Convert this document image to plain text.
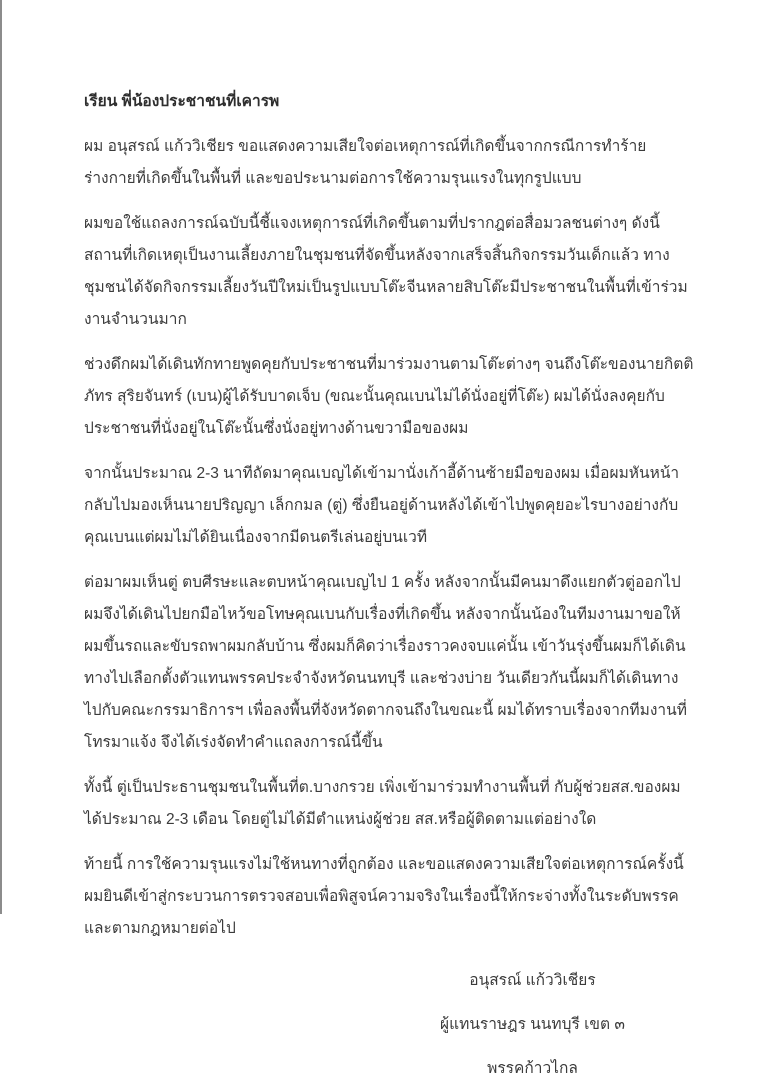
เรียน พี่น้องประชาชนที่เคารพ

ผม อนุสรณ์ แก้ววิเชียร ขอแสดงความเสียใจต่อเหตุการณ์ที่เกิดขึ้นจากกรณีการทำร้ายร่างกายที่เกิดขึ้นในพื้นที่ และขอประนามต่อการใช้ความรุนแรงในทุกรูปแบบ

ผมขอใช้แถลงการณ์ฉบับนี้ชี้แจงเหตุการณ์ที่เกิดขึ้นตามที่ปรากฎต่อสื่อมวลชนต่างๆ ดังนี้ สถานที่เกิดเหตุเป็นงานเลี้ยงภายในชุมชนที่จัดขึ้นหลังจากเสร็จสิ้นกิจกรรมวันเด็กแล้ว ทางชุมชนได้จัดกิจกรรมเลี้ยงวันปีใหม่เป็นรูปแบบโต๊ะจีนหลายสิบโต๊ะมีประชาชนในพื้นที่เข้าร่วมงานจำนวนมาก

ช่วงดึกผมได้เดินทักทายพูดคุยกับประชาชนที่มาร่วมงานตามโต๊ะต่างๆ จนถึงโต๊ะของนายกิตติภัทร สุริยจันทร์ (เบน)ผู้ได้รับบาดเจ็บ (ขณะนั้นคุณเบนไม่ได้นั่งอยู่ที่โต๊ะ) ผมได้นั่งลงคุยกับประชาชนที่นั่งอยู่ในโต๊ะนั้นซึ่งนั่งอยู่ทางด้านขวามือของผม

จากนั้นประมาณ 2-3 นาทีถัดมาคุณเบญได้เข้ามานั่งเก้าอี้ด้านซ้ายมือของผม เมื่อผมหันหน้ากลับไปมองเห็นนายปริญญา เล็กกมล (ตู่) ซึ่งยืนอยู่ด้านหลังได้เข้าไปพูดคุยอะไรบางอย่างกับคุณเบนแต่ผมไม่ได้ยินเนื่องจากมีดนตรีเล่นอยู่บนเวที

ต่อมาผมเห็นตู่ ตบศีรษะและตบหน้าคุณเบญไป 1 ครั้ง หลังจากนั้นมีคนมาดึงแยกตัวตู่ออกไป ผมจึงได้เดินไปยกมือไหว้ขอโทษคุณเบนกับเรื่องที่เกิดขึ้น หลังจากนั้นน้องในทีมงานมาขอให้ผมขึ้นรถและขับรถพาผมกลับบ้าน ซึ่งผมก็คิดว่าเรื่องราวคงจบแค่นั้น เข้าวันรุ่งขึ้นผมก็ได้เดินทางไปเลือกตั้งตัวแทนพรรคประจำจังหวัดนนทบุรี และช่วงบ่าย วันเดียวกันนี้ผมก็ได้เดินทางไปกับคณะกรรมาธิการฯ เพื่อลงพื้นที่จังหวัดตากจนถึงในขณะนี้ ผมได้ทราบเรื่องจากทีมงานที่โทรมาแจ้ง จึงได้เร่งจัดทำคำแถลงการณ์นี้ขึ้น

ทั้งนี้ ตู่เป็นประธานชุมชนในพื้นที่ต.บางกรวย เพิ่งเข้ามาร่วมทำงานพื้นที่ กับผู้ช่วยสส.ของผมได้ประมาณ 2-3 เดือน โดยตู่ไม่ได้มีตำแหน่งผู้ช่วย สส.หรือผู้ติดตามแต่อย่างใด

ท้ายนี้ การใช้ความรุนแรงไม่ใช้หนทางที่ถูกต้อง และขอแสดงความเสียใจต่อเหตุการณ์ครั้งนี้ ผมยินดีเข้าสู่กระบวนการตรวจสอบเพื่อพิสูจน์ความจริงในเรื่องนี้ให้กระจ่างทั้งในระดับพรรคและตามกฎหมายต่อไป

อนุสรณ์ แก้ววิเชียร

ผู้แทนราษฎร นนทบุรี เขต ๓

พรรคก้าวไกล
